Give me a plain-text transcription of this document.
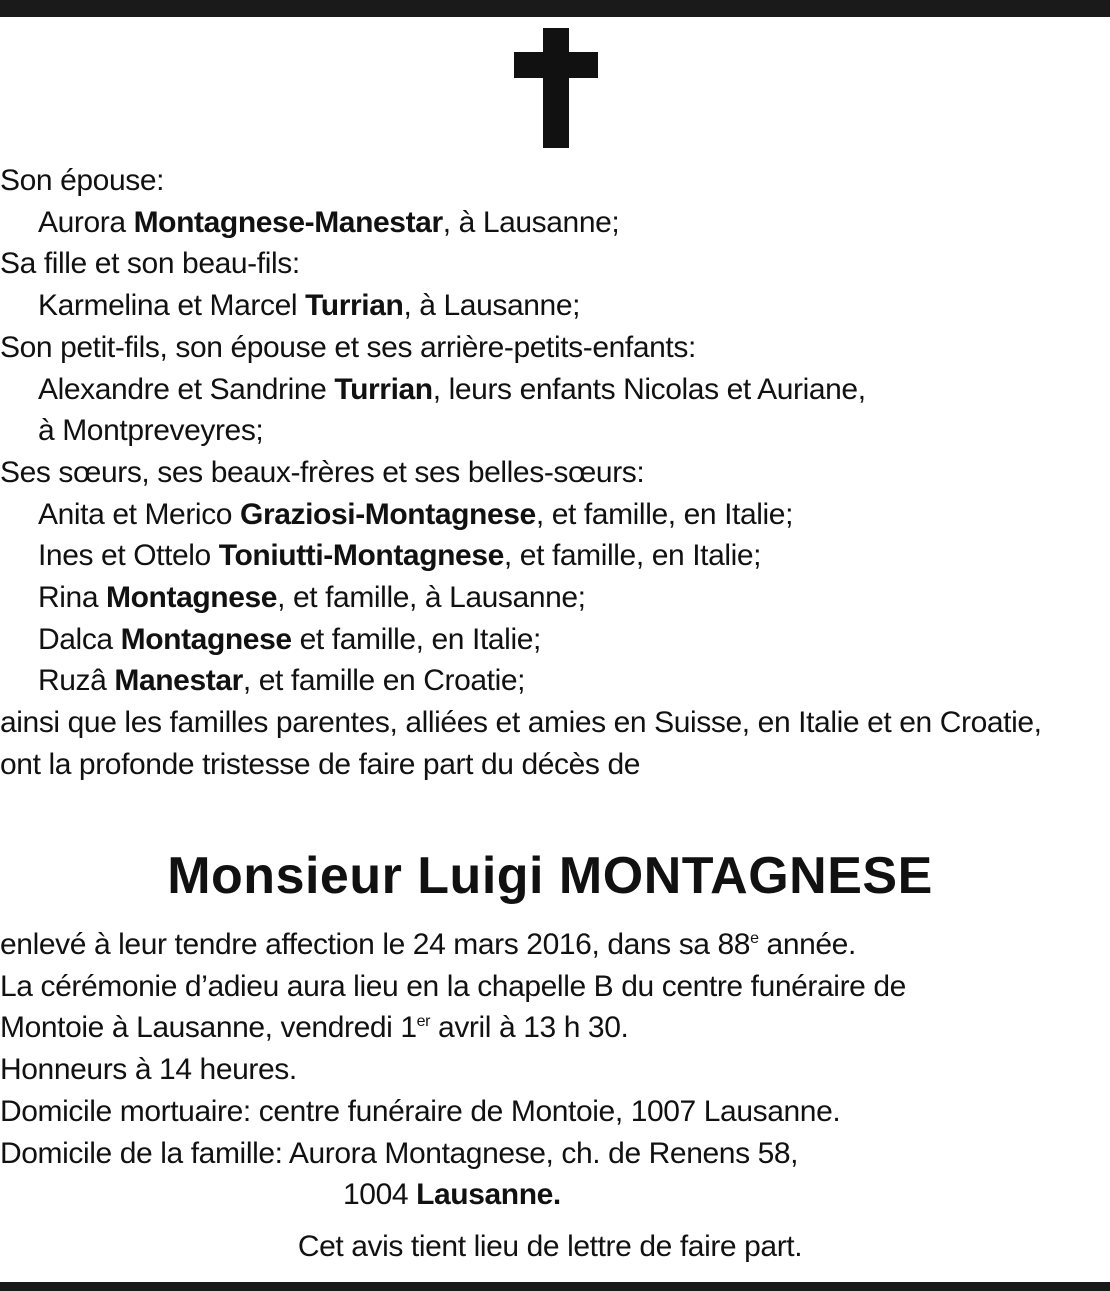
Son épouse:
Aurora Montagnese-Manestar, à Lausanne;
Sa fille et son beau-fils:
Karmelina et Marcel Turrian, à Lausanne;
Son petit-fils, son épouse et ses arrière-petits-enfants:
Alexandre et Sandrine Turrian, leurs enfants Nicolas et Auriane,
à Montpreveyres;
Ses sœurs, ses beaux-frères et ses belles-sœurs:
Anita et Merico Graziosi-Montagnese, et famille, en Italie;
Ines et Ottelo Toniutti-Montagnese, et famille, en Italie;
Rina Montagnese, et famille, à Lausanne;
Dalca Montagnese et famille, en Italie;
Ruzâ Manestar, et famille en Croatie;
ainsi que les familles parentes, alliées et amies en Suisse, en Italie et en Croatie,
ont la profonde tristesse de faire part du décès de
Monsieur Luigi MONTAGNESE
enlevé à leur tendre affection le 24 mars 2016, dans sa 88e année.
La cérémonie d’adieu aura lieu en la chapelle B du centre funéraire de
Montoie à Lausanne, vendredi 1er avril à 13 h 30.
Honneurs à 14 heures.
Domicile mortuaire: centre funéraire de Montoie, 1007 Lausanne.
Domicile de la famille: Aurora Montagnese, ch. de Renens 58,
1004 Lausanne.
Cet avis tient lieu de lettre de faire part.
